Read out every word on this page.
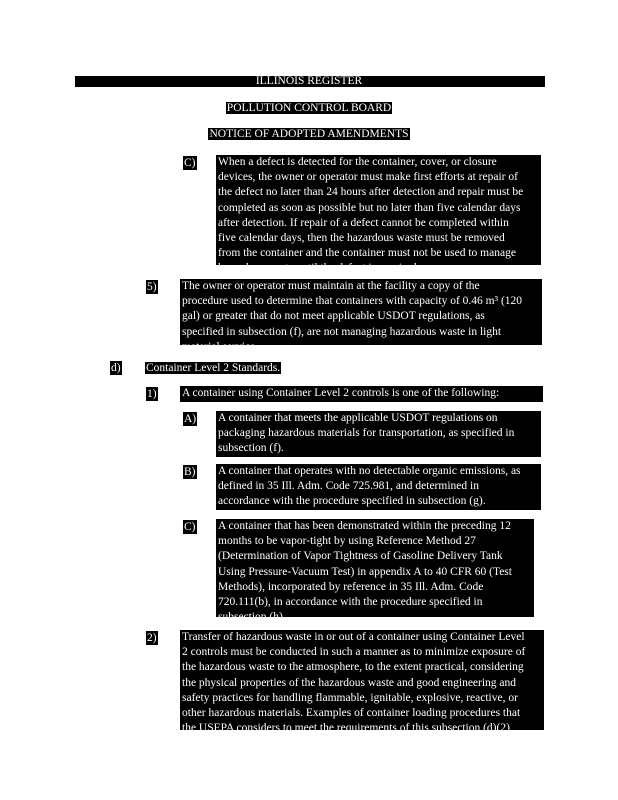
ILLINOIS REGISTER
POLLUTION CONTROL BOARD
NOTICE OF ADOPTED AMENDMENTS
C) When a defect is detected for the container, cover, or closure
devices, the owner or operator must make first efforts at repair of
the defect no later than 24 hours after detection and repair must be
completed as soon as possible but no later than five calendar days
after detection. If repair of a defect cannot be completed within
five calendar days, then the hazardous waste must be removed
from the container and the container must not be used to manage
hazardous waste until the defect is repaired.
5) The owner or operator must maintain at the facility a copy of the
procedure used to determine that containers with capacity of 0.46 m³ (120
gal) or greater that do not meet applicable USDOT regulations, as
specified in subsection (f), are not managing hazardous waste in light
material service.
d) Container Level 2 Standards.
1) A container using Container Level 2 controls is one of the following:
A) A container that meets the applicable USDOT regulations on
packaging hazardous materials for transportation, as specified in
subsection (f).
B) A container that operates with no detectable organic emissions, as
defined in 35 Ill. Adm. Code 725.981, and determined in
accordance with the procedure specified in subsection (g).
C) A container that has been demonstrated within the preceding 12
months to be vapor-tight by using Reference Method 27
(Determination of Vapor Tightness of Gasoline Delivery Tank
Using Pressure-Vacuum Test) in appendix A to 40 CFR 60 (Test
Methods), incorporated by reference in 35 Ill. Adm. Code
720.111(b), in accordance with the procedure specified in
subsection (h).
2) Transfer of hazardous waste in or out of a container using Container Level
2 controls must be conducted in such a manner as to minimize exposure of
the hazardous waste to the atmosphere, to the extent practical, considering
the physical properties of the hazardous waste and good engineering and
safety practices for handling flammable, ignitable, explosive, reactive, or
other hazardous materials. Examples of container loading procedures that
the USEPA considers to meet the requirements of this subsection (d)(2)
